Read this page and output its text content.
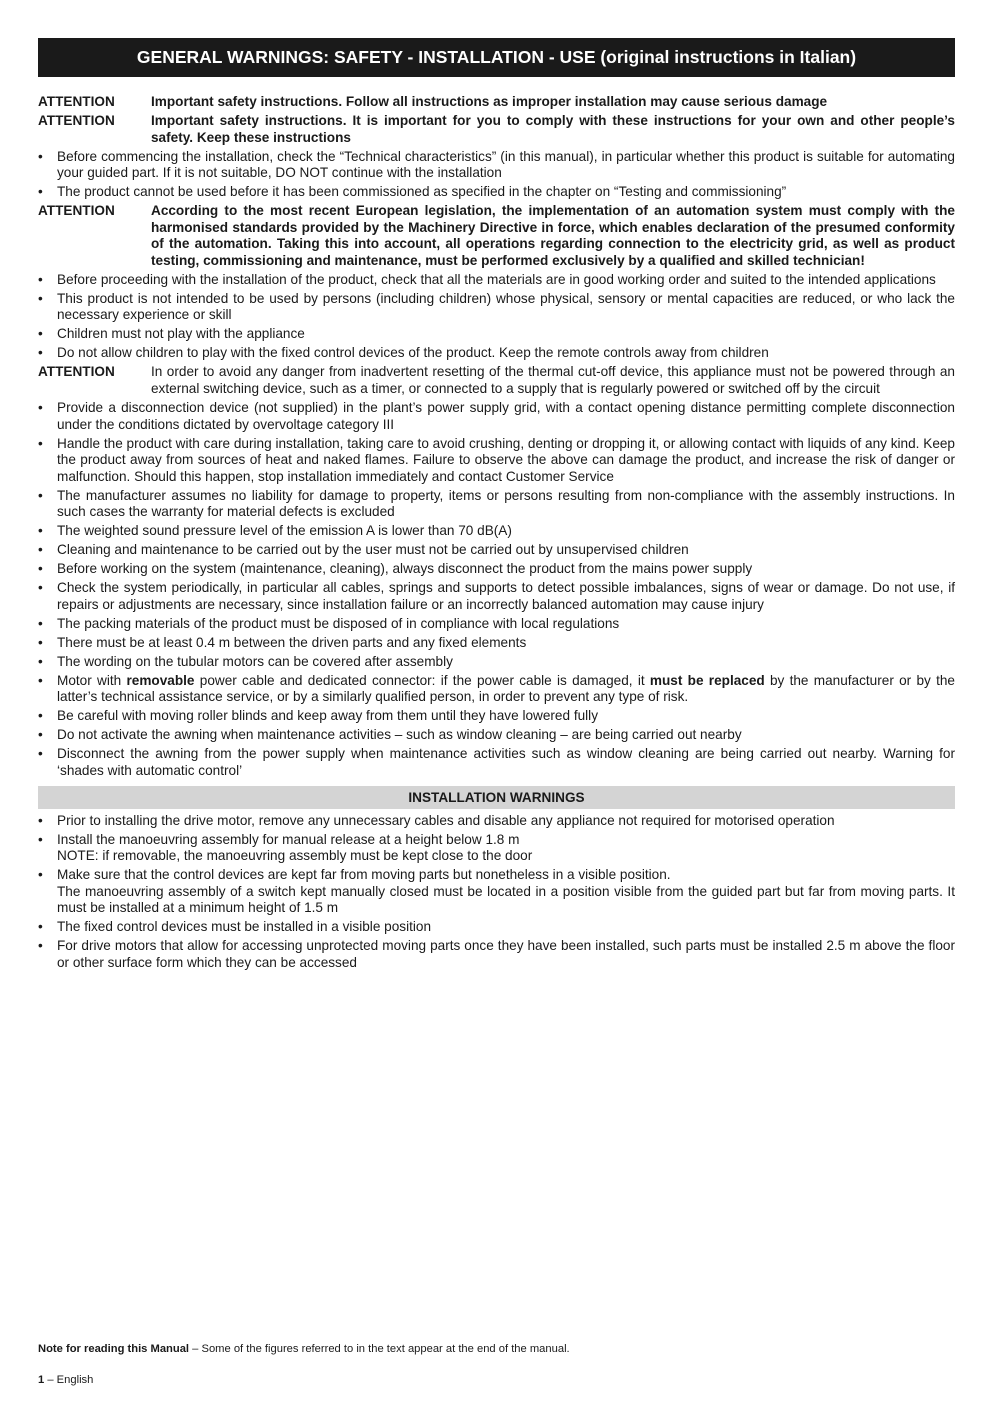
GENERAL WARNINGS: SAFETY - INSTALLATION - USE (original instructions in Italian)
ATTENTION	Important safety instructions. Follow all instructions as improper installation may cause serious damage
ATTENTION	Important safety instructions. It is important for you to comply with these instructions for your own and other people’s safety. Keep these instructions
•	Before commencing the installation, check the “Technical characteristics” (in this manual), in particular whether this product is suitable for automating your guided part. If it is not suitable, DO NOT continue with the installation
•	The product cannot be used before it has been commissioned as specified in the chapter on “Testing and commissioning”
ATTENTION	According to the most recent European legislation, the implementation of an automation system must comply with the harmonised standards provided by the Machinery Directive in force, which enables declaration of the presumed conformity of the automation. Taking this into account, all operations regarding connection to the electricity grid, as well as product testing, commissioning and maintenance, must be performed exclusively by a qualified and skilled technician!
•	Before proceeding with the installation of the product, check that all the materials are in good working order and suited to the intended applications
•	This product is not intended to be used by persons (including children) whose physical, sensory or mental capacities are reduced, or who lack the necessary experience or skill
•	Children must not play with the appliance
•	Do not allow children to play with the fixed control devices of the product. Keep the remote controls away from children
ATTENTION	In order to avoid any danger from inadvertent resetting of the thermal cut-off device, this appliance must not be powered through an external switching device, such as a timer, or connected to a supply that is regularly powered or switched off by the circuit
•	Provide a disconnection device (not supplied) in the plant’s power supply grid, with a contact opening distance permitting complete disconnection under the conditions dictated by overvoltage category III
•	Handle the product with care during installation, taking care to avoid crushing, denting or dropping it, or allowing contact with liquids of any kind. Keep the product away from sources of heat and naked flames. Failure to observe the above can damage the product, and increase the risk of danger or malfunction. Should this happen, stop installation immediately and contact Customer Service
•	The manufacturer assumes no liability for damage to property, items or persons resulting from non-compliance with the assembly instructions. In such cases the warranty for material defects is excluded
•	The weighted sound pressure level of the emission A is lower than 70 dB(A)
•	Cleaning and maintenance to be carried out by the user must not be carried out by unsupervised children
•	Before working on the system (maintenance, cleaning), always disconnect the product from the mains power supply
•	Check the system periodically, in particular all cables, springs and supports to detect possible imbalances, signs of wear or damage. Do not use, if repairs or adjustments are necessary, since installation failure or an incorrectly balanced automation may cause injury
•	The packing materials of the product must be disposed of in compliance with local regulations
•	There must be at least 0.4 m between the driven parts and any fixed elements
•	The wording on the tubular motors can be covered after assembly
•	Motor with removable power cable and dedicated connector: if the power cable is damaged, it must be replaced by the manufacturer or by the latter’s technical assistance service, or by a similarly qualified person, in order to prevent any type of risk.
•	Be careful with moving roller blinds and keep away from them until they have lowered fully
•	Do not activate the awning when maintenance activities – such as window cleaning – are being carried out nearby
•	Disconnect the awning from the power supply when maintenance activities such as window cleaning are being carried out nearby. Warning for ‘shades with automatic control’
INSTALLATION WARNINGS
•	Prior to installing the drive motor, remove any unnecessary cables and disable any appliance not required for motorised operation
•	Install the manoeuvring assembly for manual release at a height below 1.8 m
NOTE: if removable, the manoeuvring assembly must be kept close to the door
•	Make sure that the control devices are kept far from moving parts but nonetheless in a visible position.
The manoeuvring assembly of a switch kept manually closed must be located in a position visible from the guided part but far from moving parts. It must be installed at a minimum height of 1.5 m
•	The fixed control devices must be installed in a visible position
•	For drive motors that allow for accessing unprotected moving parts once they have been installed, such parts must be installed 2.5 m above the floor or other surface form which they can be accessed
Note for reading this Manual – Some of the figures referred to in the text appear at the end of the manual.
1 – English
